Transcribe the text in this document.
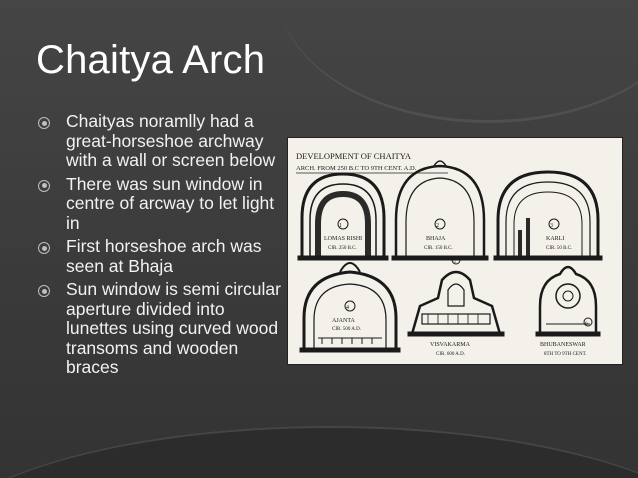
Chaitya Arch
Chaityas noramlly had a great-horseshoe archway with a wall or screen below
There was sun window in centre of arcway to let light in
First horseshoe arch was seen at Bhaja
Sun window is semi circular aperture divided into lunettes using curved wood transoms and wooden braces
DEVELOPMENT OF CHAITYA
ARCH. FROM 250 B.C TO 9TH CENT. A.D.
1
LOMAS RISHI
CIR. 250 B.C.
2
BHAJA
CIR. 150 B.C.
3
KARLI
CIR. 50 B.C.
4
AJANTA
CIR. 500 A.D.
5
VISVAKARMA
CIR. 600 A.D.
6
BHUBANESWAR
8TH TO 9TH CENT.
